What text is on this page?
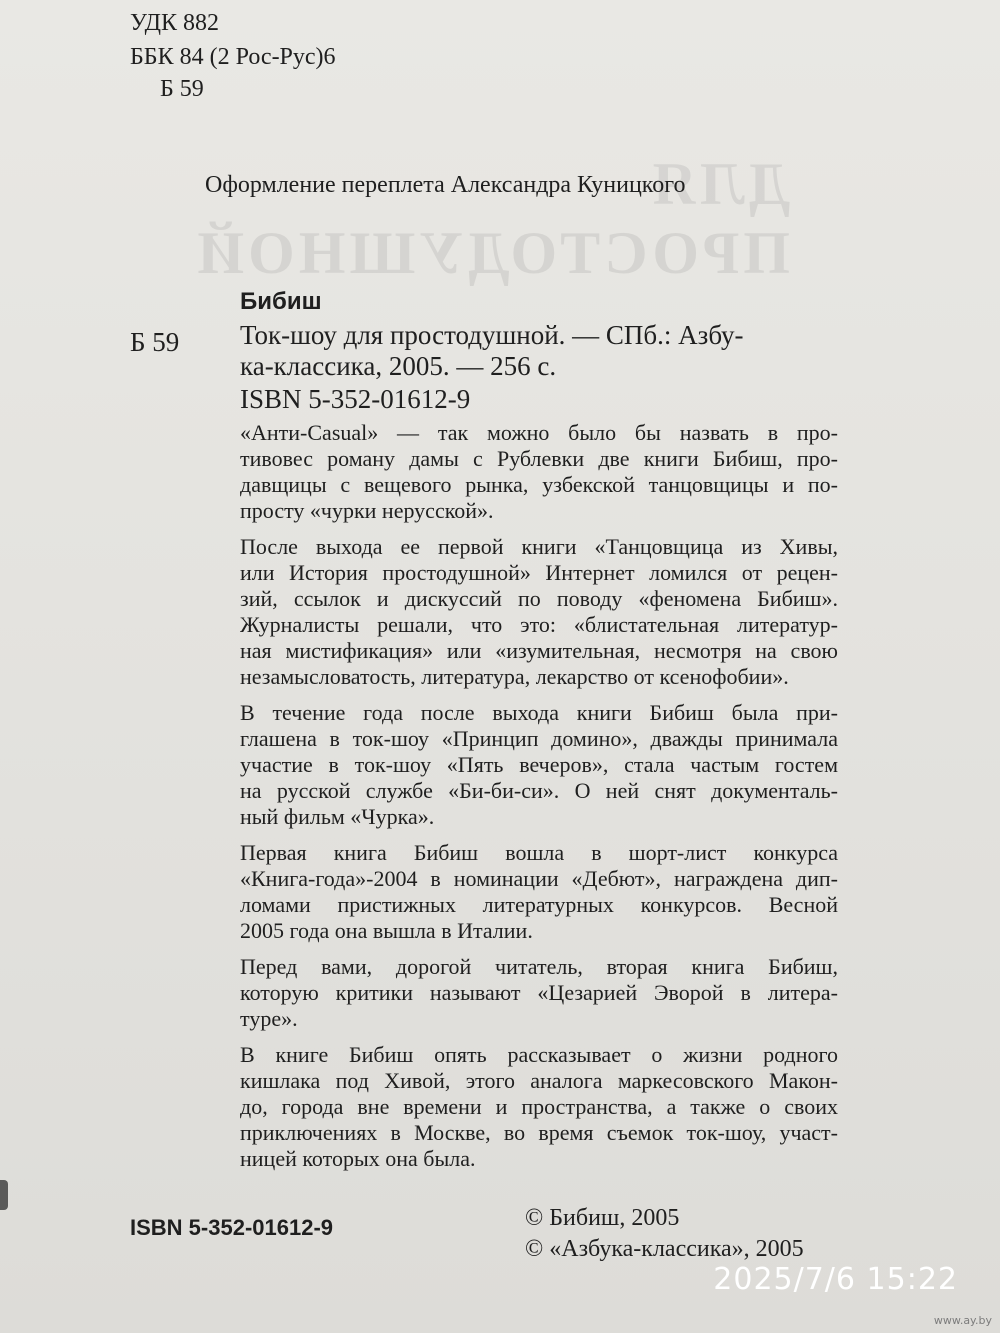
ДЛЯ ПРОСТОДУШНОЙ
УДК 882
ББК 84 (2 Рос-Рус)6
Б 59
Оформление переплета Александра Куницкого
Бибиш
Б 59 Ток-шоу для простодушной. — СПб.: Азбу-
ка-классика, 2005. — 256 с.
ISBN 5-352-01612-9
«Анти-Casual» — так можно было бы назвать в про-
тивовес роману дамы с Рублевки две книги Бибиш, про-
давщицы с вещевого рынка, узбекской танцовщицы и по-
просту «чурки нерусской».
После выхода ее первой книги «Танцовщица из Хивы,
или История простодушной» Интернет ломился от рецен-
зий, ссылок и дискуссий по поводу «феномена Бибиш».
Журналисты решали, что это: «блистательная литератур-
ная мистификация» или «изумительная, несмотря на свою
незамысловатость, литература, лекарство от ксенофобии».
В течение года после выхода книги Бибиш была при-
глашена в ток-шоу «Принцип домино», дважды принимала
участие в ток-шоу «Пять вечеров», стала частым гостем
на русской службе «Би-би-си». О ней снят документаль-
ный фильм «Чурка».
Первая книга Бибиш вошла в шорт-лист конкурса
«Книга-года»-2004 в номинации «Дебют», награждена дип-
ломами пристижных литературных конкурсов. Весной
2005 года она вышла в Италии.
Перед вами, дорогой читатель, вторая книга Бибиш,
которую критики называют «Цезарией Эворой в литера-
туре».
В книге Бибиш опять рассказывает о жизни родного
кишлака под Хивой, этого аналога маркесовского Макон-
до, города вне времени и пространства, а также о своих
приключениях в Москве, во время съемок ток-шоу, участ-
ницей которых она была.
ISBN 5-352-01612-9	© Бибиш, 2005
© «Азбука-классика», 2005
2025/7/6 15:22
www.ay.by
